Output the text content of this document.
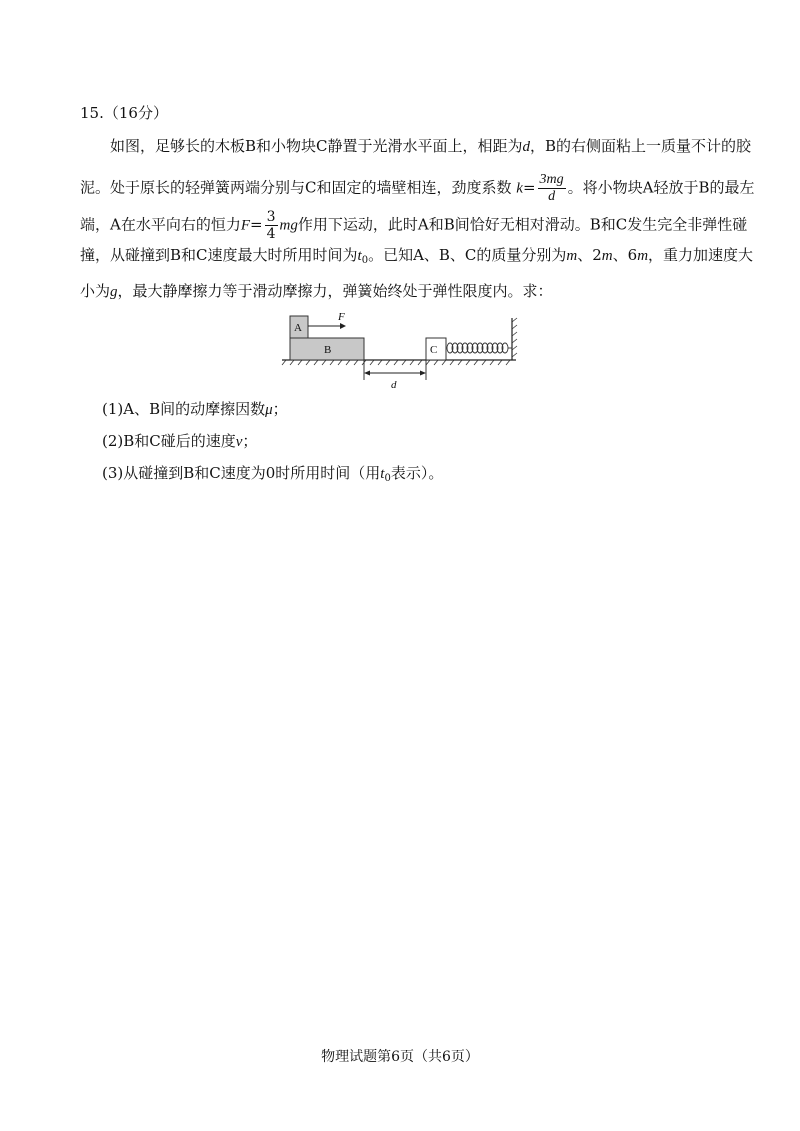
15.（16分）
如图，足够长的木板B和小物块C静置于光滑水平面上，相距为d，B的右侧面粘上一质量不计的胶
泥。处于原长的轻弹簧两端分别与C和固定的墙壁相连，劲度系数 $k= \frac{3mg}{d}$ 。将小物块A轻放于B的最左
端，A在水平向右的恒力$F= \frac{3}{4}$ mg作用下运动，此时A和B间恰好无相对滑动。B和C发生完全非弹性碰
撞，从碰撞到B和C速度最大时所用时间为$t_0$。已知A、B、C的质量分别为m、2m、6m，重力加速度大
小为g，最大静摩擦力等于滑动摩擦力，弹簧始终处于弹性限度内。求：
B
A
F
C
d
(1)A、B间的动摩擦因数μ；
(2)B和C碰后的速度v；
(3)从碰撞到B和C速度为0时所用时间（用$t_0$表示）。
物理试题第6页（共6页）
